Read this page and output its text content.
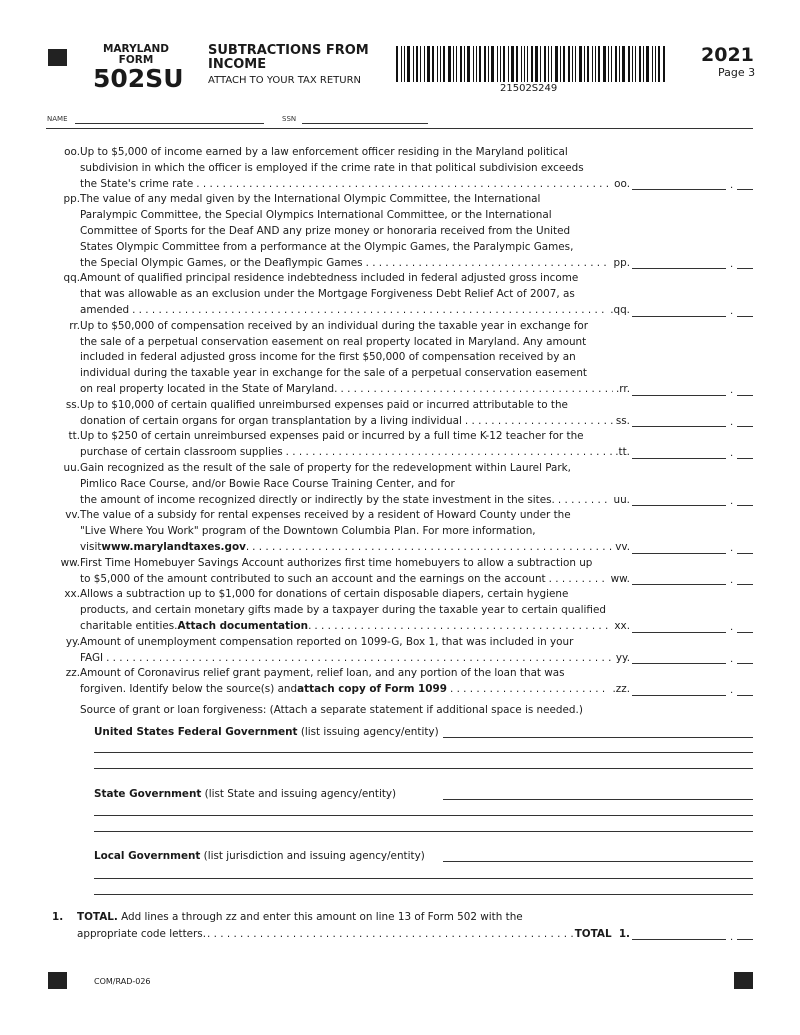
MARYLAND
FORM
502SU
SUBTRACTIONS FROM INCOME
ATTACH TO YOUR TAX RETURN
21502S249
2021
Page 3
NAME	SSN
oo. Up to $5,000 of income earned by a law enforcement officer residing in the Maryland political
subdivision in which the officer is employed if the crime rate in that political subdivision exceeds
the State's crime rate . . .	oo.	.
pp. The value of any medal given by the International Olympic Committee, the International
Paralympic Committee, the Special Olympics International Committee, or the International
Committee of Sports for the Deaf AND any prize money or honoraria received from the United
States Olympic Committee from a performance at the Olympic Games, the Paralympic Games,
the Special Olympic Games, or the Deaflympic Games . . .	pp.	.
qq. Amount of qualified principal residence indebtedness included in federal adjusted gross income
that was allowable as an exclusion under the Mortgage Forgiveness Debt Relief Act of 2007, as
amended . . .	.qq.	.
rr. Up to $50,000 of compensation received by an individual during the taxable year in exchange for
the sale of a perpetual conservation easement on real property located in Maryland. Any amount
included in federal adjusted gross income for the first $50,000 of compensation received by an
individual during the taxable year in exchange for the sale of a perpetual conservation easement
on real property located in the State of Maryland. . . .	.rr.	.
ss. Up to $10,000 of certain qualified unreimbursed expenses paid or incurred attributable to the
donation of certain organs for organ transplantation by a living individual . . .	ss.	.
tt. Up to $250 of certain unreimbursed expenses paid or incurred by a full time K-12 teacher for the
purchase of certain classroom supplies . . .	.tt.	.
uu. Gain recognized as the result of the sale of property for the redevelopment within Laurel Park,
Pimlico Race Course, and/or Bowie Race Course Training Center, and for
the amount of income recognized directly or indirectly by the state investment in the sites. . . .	uu.	.
vv. The value of a subsidy for rental expenses received by a resident of Howard County under the
"Live Where You Work" program of the Downtown Columbia Plan. For more information,
visit www.marylandtaxes.gov . . . .	vv.	.
ww. First Time Homebuyer Savings Account authorizes first time homebuyers to allow a subtraction up
to $5,000 of the amount contributed to such an account and the earnings on the account . . .	ww.	.
xx. Allows a subtraction up to $1,000 for donations of certain disposable diapers, certain hygiene
products, and certain monetary gifts made by a taxpayer during the taxable year to certain qualified
charitable entities. Attach documentation . . . .	xx.	.
yy. Amount of unemployment compensation reported on 1099-G, Box 1, that was included in your
FAGI . . .	yy.	.
zz. Amount of Coronavirus relief grant payment, relief loan, and any portion of the loan that was
forgiven. Identify below the source(s) and attach copy of Form 1099 . . .	.zz.	.
Source of grant or loan forgiveness: (Attach a separate statement if additional space is needed.)
United States Federal Government (list issuing agency/entity)
State Government (list State and issuing agency/entity)
Local Government (list jurisdiction and issuing agency/entity)
1. TOTAL. Add lines a through zz and enter this amount on line 13 of Form 502 with the
appropriate code letters. . . .	TOTAL  1.	.
COM/RAD-026
